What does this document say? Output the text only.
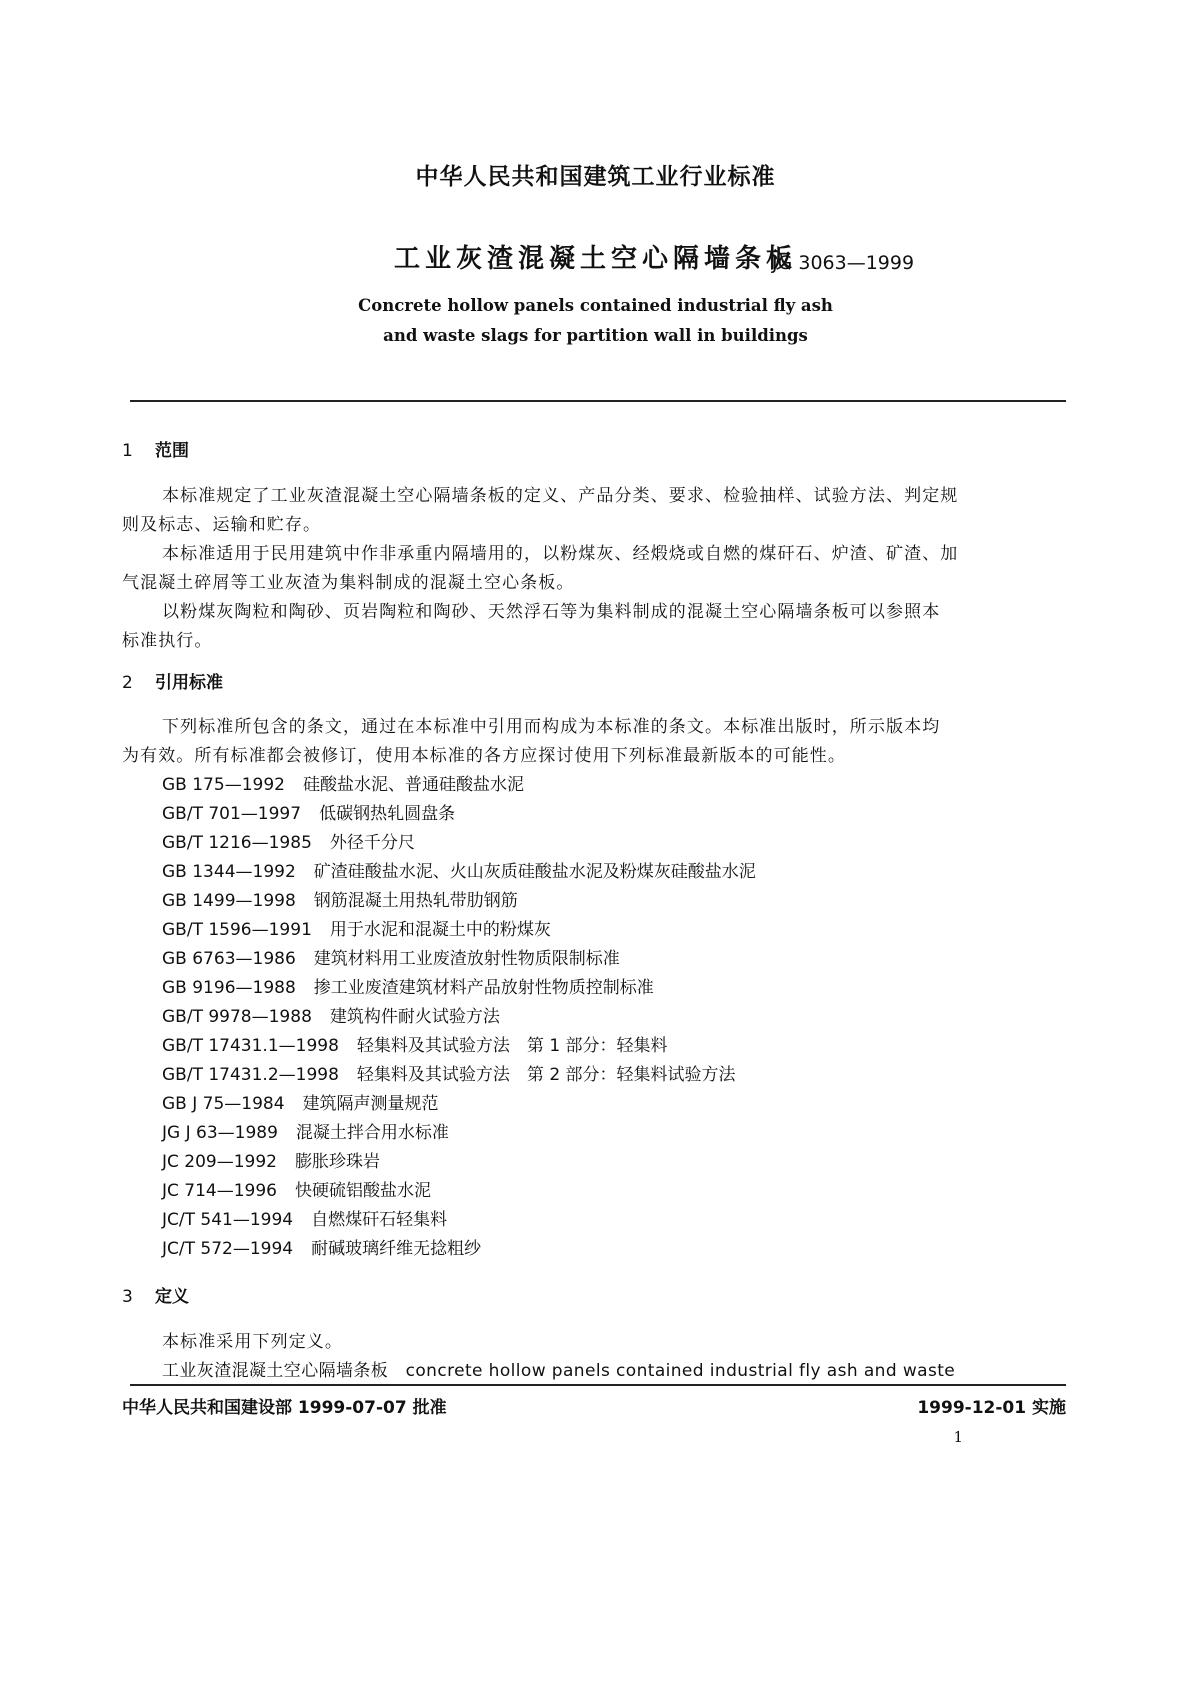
中华人民共和国建筑工业行业标准
工业灰渣混凝土空心隔墙条板
JG 3063—1999
Concrete hollow panels contained industrial fly ash
and waste slags for partition wall in buildings
1 范围
本标准规定了工业灰渣混凝土空心隔墙条板的定义、产品分类、要求、检验抽样、试验方法、判定规
则及标志、运输和贮存。
本标准适用于民用建筑中作非承重内隔墙用的，以粉煤灰、经煅烧或自燃的煤矸石、炉渣、矿渣、加
气混凝土碎屑等工业灰渣为集料制成的混凝土空心条板。
以粉煤灰陶粒和陶砂、页岩陶粒和陶砂、天然浮石等为集料制成的混凝土空心隔墙条板可以参照本
标准执行。
2 引用标准
下列标准所包含的条文，通过在本标准中引用而构成为本标准的条文。本标准出版时，所示版本均
为有效。所有标准都会被修订，使用本标准的各方应探讨使用下列标准最新版本的可能性。
GB 175—1992 硅酸盐水泥、普通硅酸盐水泥
GB/T 701—1997 低碳钢热轧圆盘条
GB/T 1216—1985 外径千分尺
GB 1344—1992 矿渣硅酸盐水泥、火山灰质硅酸盐水泥及粉煤灰硅酸盐水泥
GB 1499—1998 钢筋混凝土用热轧带肋钢筋
GB/T 1596—1991 用于水泥和混凝土中的粉煤灰
GB 6763—1986 建筑材料用工业废渣放射性物质限制标准
GB 9196—1988 掺工业废渣建筑材料产品放射性物质控制标准
GB/T 9978—1988 建筑构件耐火试验方法
GB/T 17431.1—1998 轻集料及其试验方法　第 1 部分：轻集料
GB/T 17431.2—1998 轻集料及其试验方法　第 2 部分：轻集料试验方法
GB J 75—1984 建筑隔声测量规范
JG J 63—1989 混凝土拌合用水标准
JC 209—1992 膨胀珍珠岩
JC 714—1996 快硬硫铝酸盐水泥
JC/T 541—1994 自燃煤矸石轻集料
JC/T 572—1994 耐碱玻璃纤维无捻粗纱
3 定义
本标准采用下列定义。
工业灰渣混凝土空心隔墙条板　concrete hollow panels contained industrial fly ash and waste
中华人民共和国建设部 1999-07-07 批准	1999-12-01 实施
1
